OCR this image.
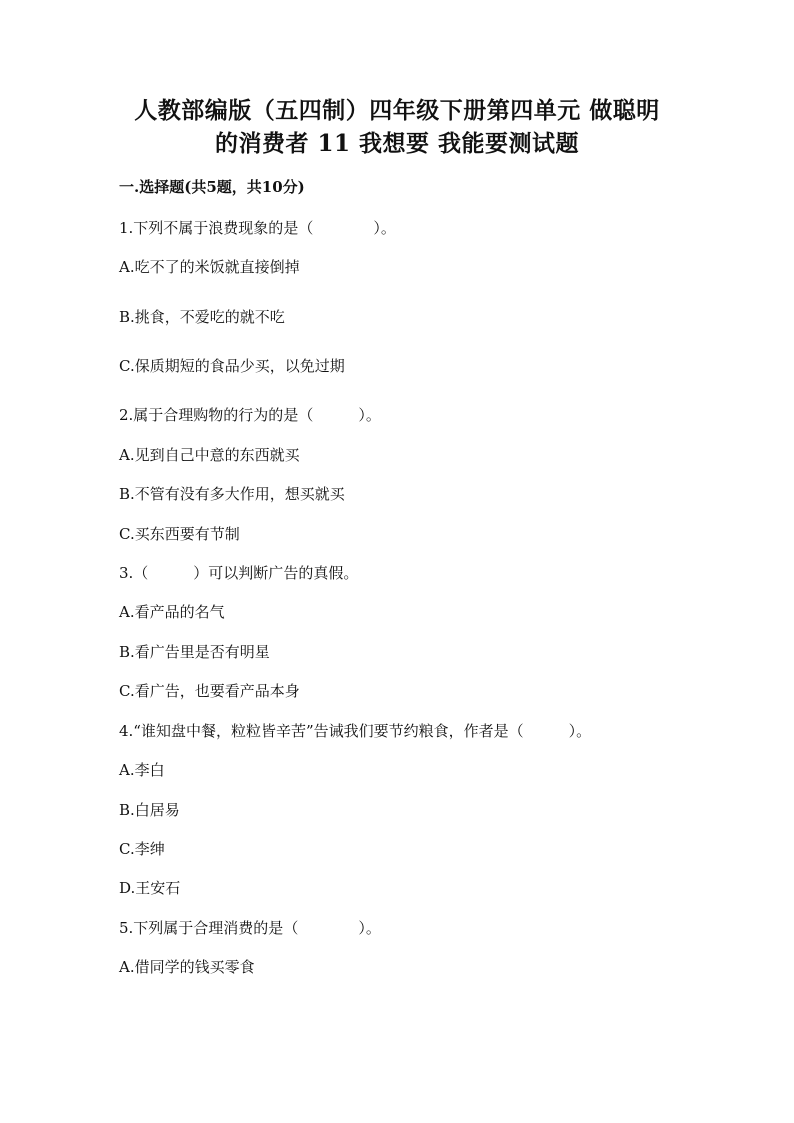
人教部编版（五四制）四年级下册第四单元 做聪明
的消费者 11 我想要 我能要测试题
一.选择题(共5题，共10分)
1.下列不属于浪费现象的是（　　　　）。
A.吃不了的米饭就直接倒掉
B.挑食，不爱吃的就不吃
C.保质期短的食品少买，以免过期
2.属于合理购物的行为的是（　　　）。
A.见到自己中意的东西就买
B.不管有没有多大作用，想买就买
C.买东西要有节制
3.（　　　）可以判断广告的真假。
A.看产品的名气
B.看广告里是否有明星
C.看广告，也要看产品本身
4.“谁知盘中餐，粒粒皆辛苦”告诫我们要节约粮食，作者是（　　　）。
A.李白
B.白居易
C.李绅
D.王安石
5.下列属于合理消费的是（　　　　）。
A.借同学的钱买零食
